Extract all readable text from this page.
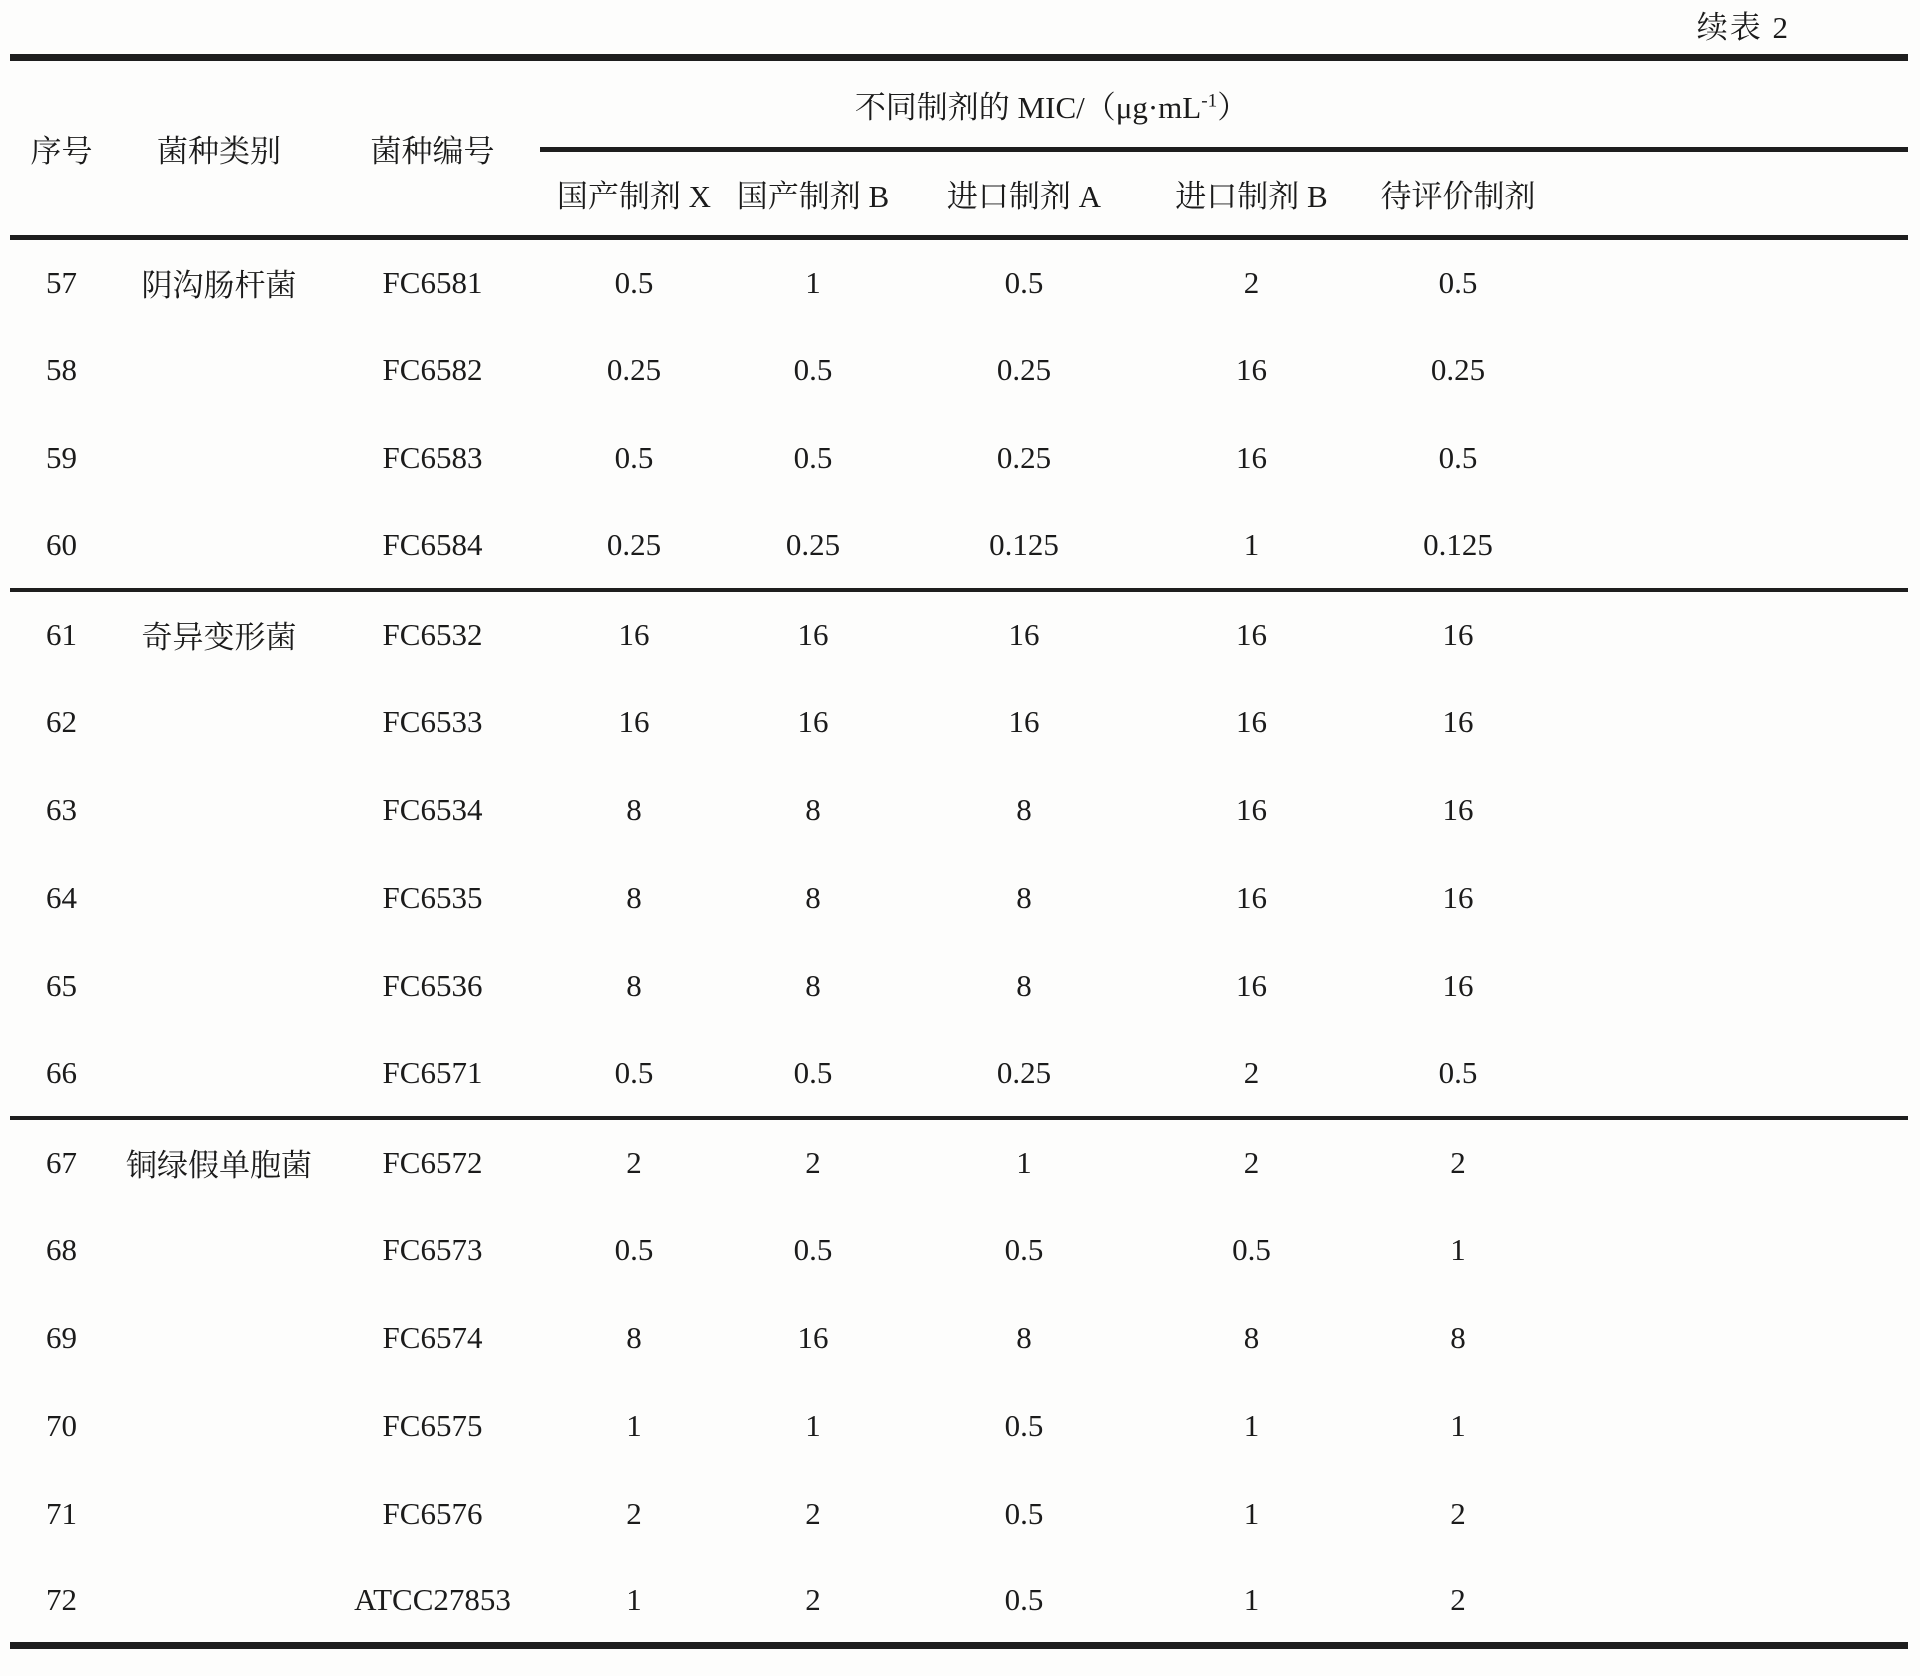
续表 2
序号	菌种类别	菌种编号	不同制剂的 MIC/$(\mu g\cdot mL^{-1})$					
			国产制剂 X	国产制剂 B	进口制剂 A	进口制剂 B	待评价制剂	
57	阴沟肠杆菌	FC6581	0.5	1	0.5	2	0.5	
58		FC6582	0.25	0.5	0.25	16	0.25	
59		FC6583	0.5	0.5	0.25	16	0.5	
60		FC6584	0.25	0.25	0.125	1	0.125	
61	奇异变形菌	FC6532	16	16	16	16	16	
62		FC6533	16	16	16	16	16	
63		FC6534	8	8	8	16	16	
64		FC6535	8	8	8	16	16	
65		FC6536	8	8	8	16	16	
66		FC6571	0.5	0.5	0.25	2	0.5	
67	铜绿假单胞菌	FC6572	2	2	1	2	2	
68		FC6573	0.5	0.5	0.5	0.5	1	
69		FC6574	8	16	8	8	8	
70		FC6575	1	1	0.5	1	1	
71		FC6576	2	2	0.5	1	2	
72		ATCC27853	1	2	0.5	1	2	
